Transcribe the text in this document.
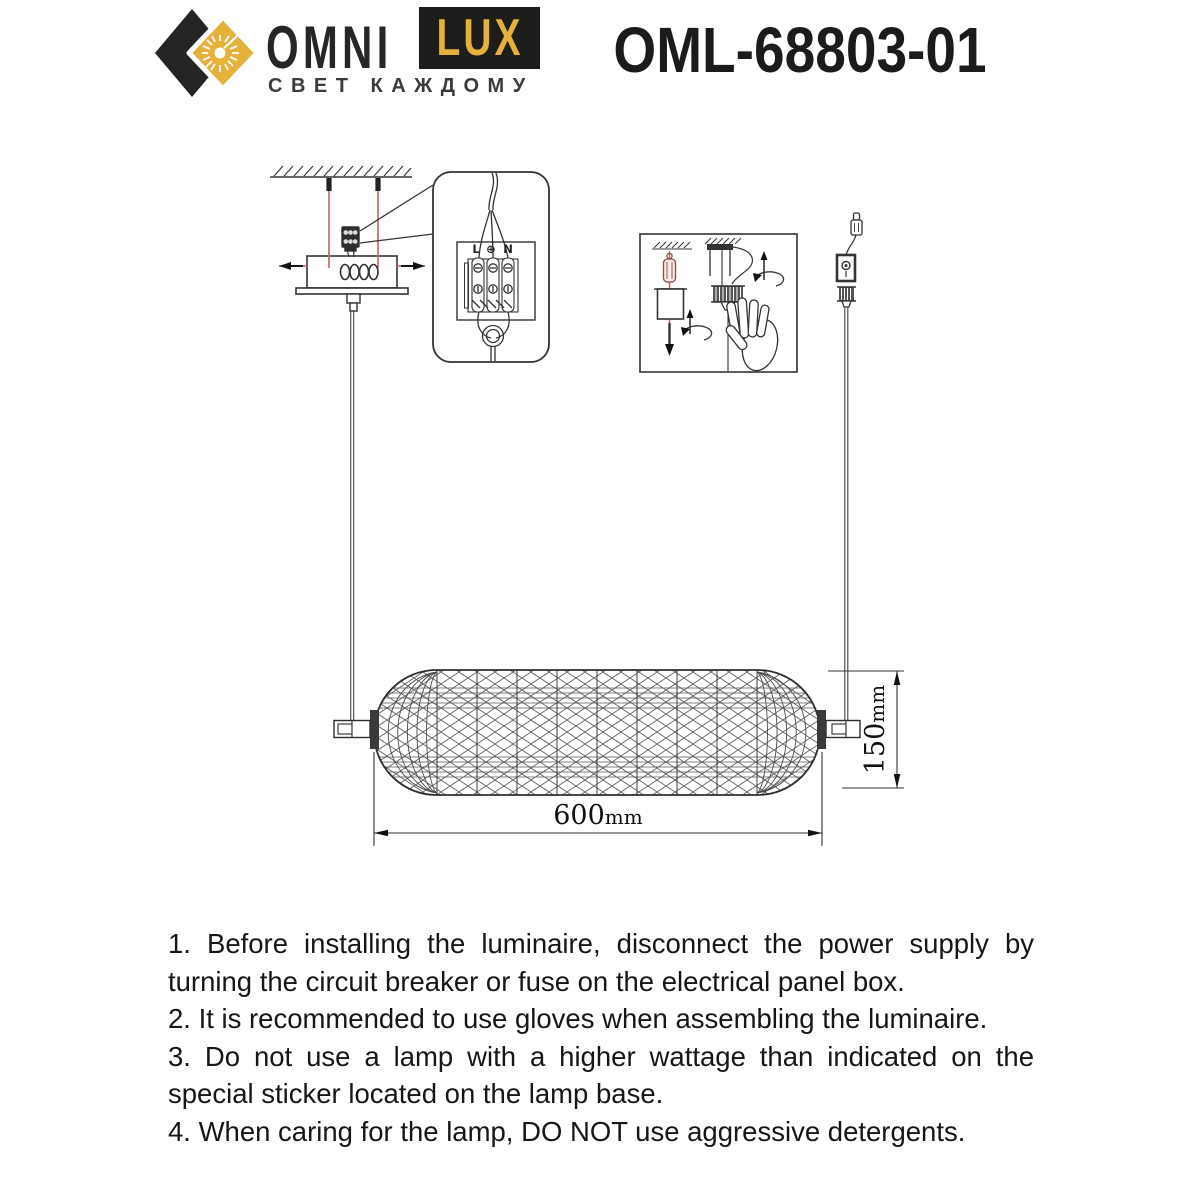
L ⊕ N
600mm
150mm
OMNI LUX
СВЕТ КАЖДОМУ	OML-68803-01

1. Before installing the luminaire, disconnect the power supply by turning the circuit breaker or fuse on the electrical panel box.

2. It is recommended to use gloves when assembling the luminaire.

3. Do not use a lamp with a higher wattage than indicated on the special sticker located on the lamp base.

4. When caring for the lamp, DO NOT use aggressive detergents.
